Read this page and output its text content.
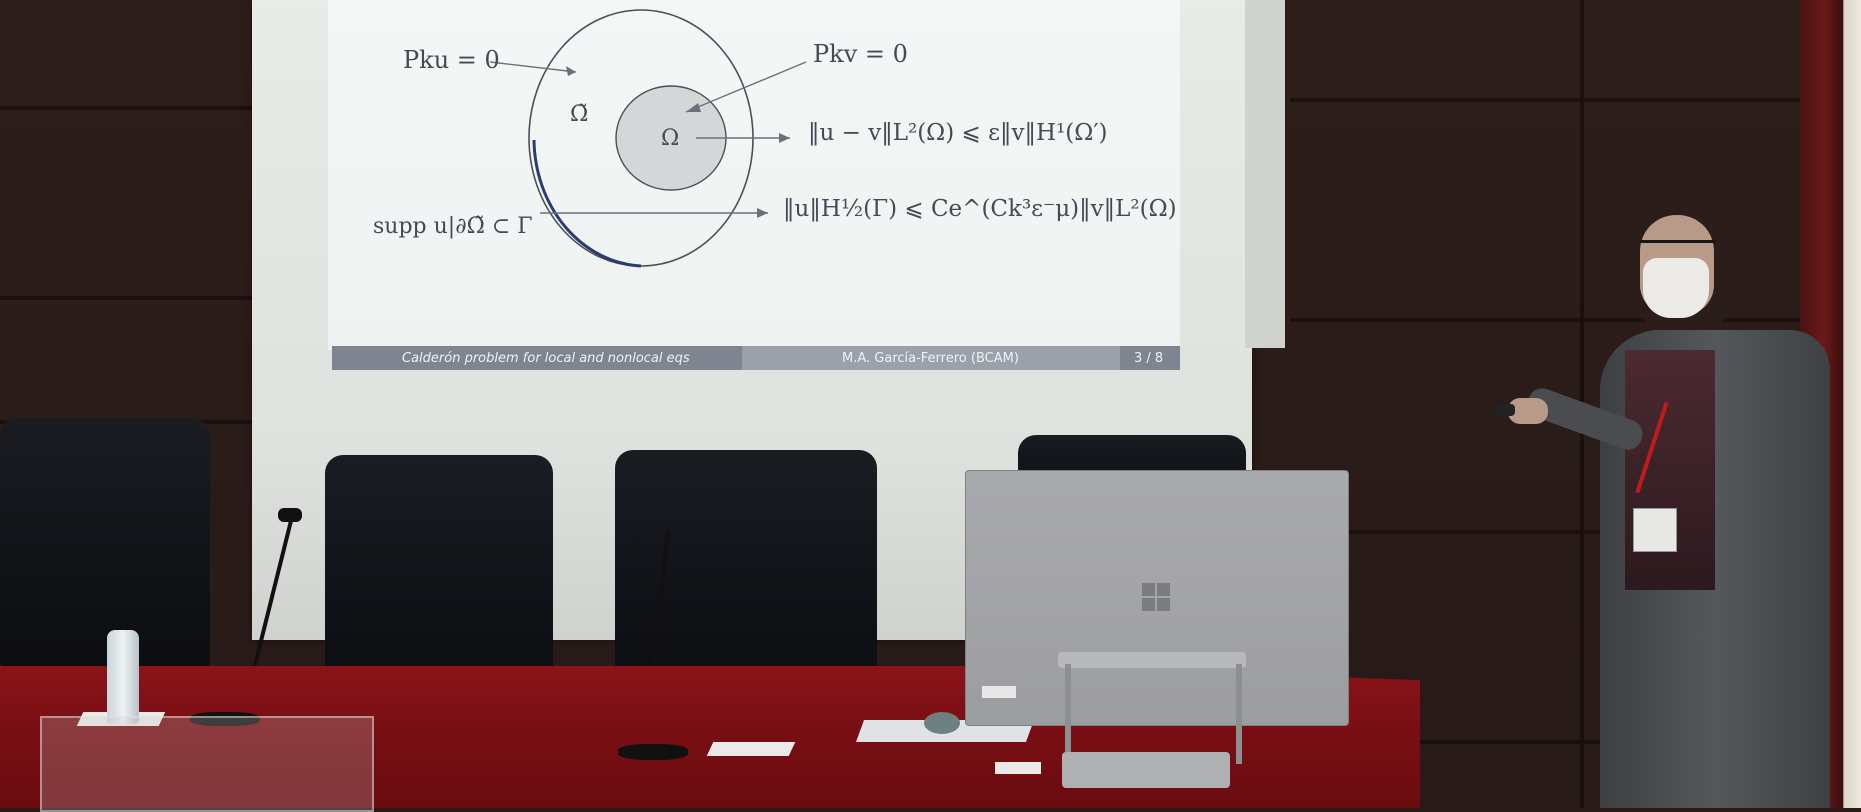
Pku = 0	Pkv = 0
Ω̃
Ω	‖u − v‖L²(Ω) ⩽ ε‖v‖H¹(Ω′)
‖u‖H½(Γ) ⩽ Ce^(Ck³ε⁻μ)‖v‖L²(Ω)
supp u|∂Ω̃ ⊂ Γ
Calderón problem for local and nonlocal eqs	M.A. García-Ferrero (BCAM)	3 / 8
